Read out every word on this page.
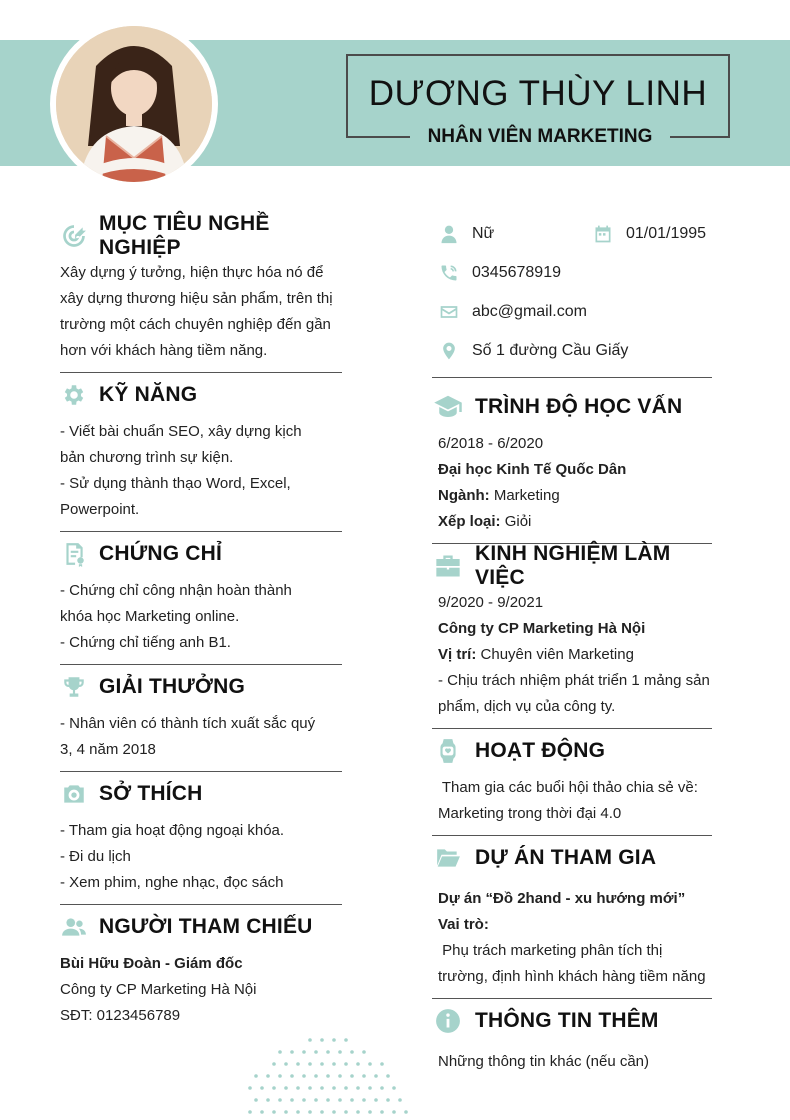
DƯƠNG THÙY LINH
NHÂN VIÊN MARKETING
MỤC TIÊU NGHỀ NGHIỆP

Xây dựng ý tưởng, hiện thực hóa nó để

xây dựng thương hiệu sản phẩm, trên thị

trường một cách chuyên nghiệp đến gần

hơn với khách hàng tiềm năng.

KỸ NĂNG

- Viết bài chuẩn SEO, xây dựng kịch

bản chương trình sự kiện.

- Sử dụng thành thạo Word, Excel,

Powerpoint.

CHỨNG CHỈ

- Chứng chỉ công nhận hoàn thành

khóa học Marketing online.

- Chứng chỉ tiếng anh B1.

GIẢI THƯỞNG

- Nhân viên có thành tích xuất sắc quý

3, 4 năm 2018

SỞ THÍCH

- Tham gia hoạt động ngoại khóa.

- Đi du lịch

- Xem phim, nghe nhạc, đọc sách

NGƯỜI THAM CHIẾU

Bùi Hữu Đoàn - Giám đốc

Công ty CP Marketing Hà Nội

SĐT: 0123456789

Nữ	01/01/1995
0345678919
abc@gmail.com
Số 1 đường Cầu Giấy
TRÌNH ĐỘ HỌC VẤN

6/2018 - 6/2020

Đại học Kinh Tế Quốc Dân

Ngành: Marketing

Xếp loại: Giỏi

KINH NGHIỆM LÀM VIỆC

9/2020 - 9/2021

Công ty CP Marketing Hà Nội

Vị trí: Chuyên viên Marketing

- Chịu trách nhiệm phát triển 1 mảng sản

phẩm, dịch vụ của công ty.

HOẠT ĐỘNG

Tham gia các buổi hội thảo chia sẻ về:

Marketing trong thời đại 4.0

DỰ ÁN THAM GIA

Dự án “Đồ 2hand - xu hướng mới”

Vai trò: Phụ trách marketing phân tích thị

trường, định hình khách hàng tiềm năng

THÔNG TIN THÊM

Những thông tin khác (nếu cần)
